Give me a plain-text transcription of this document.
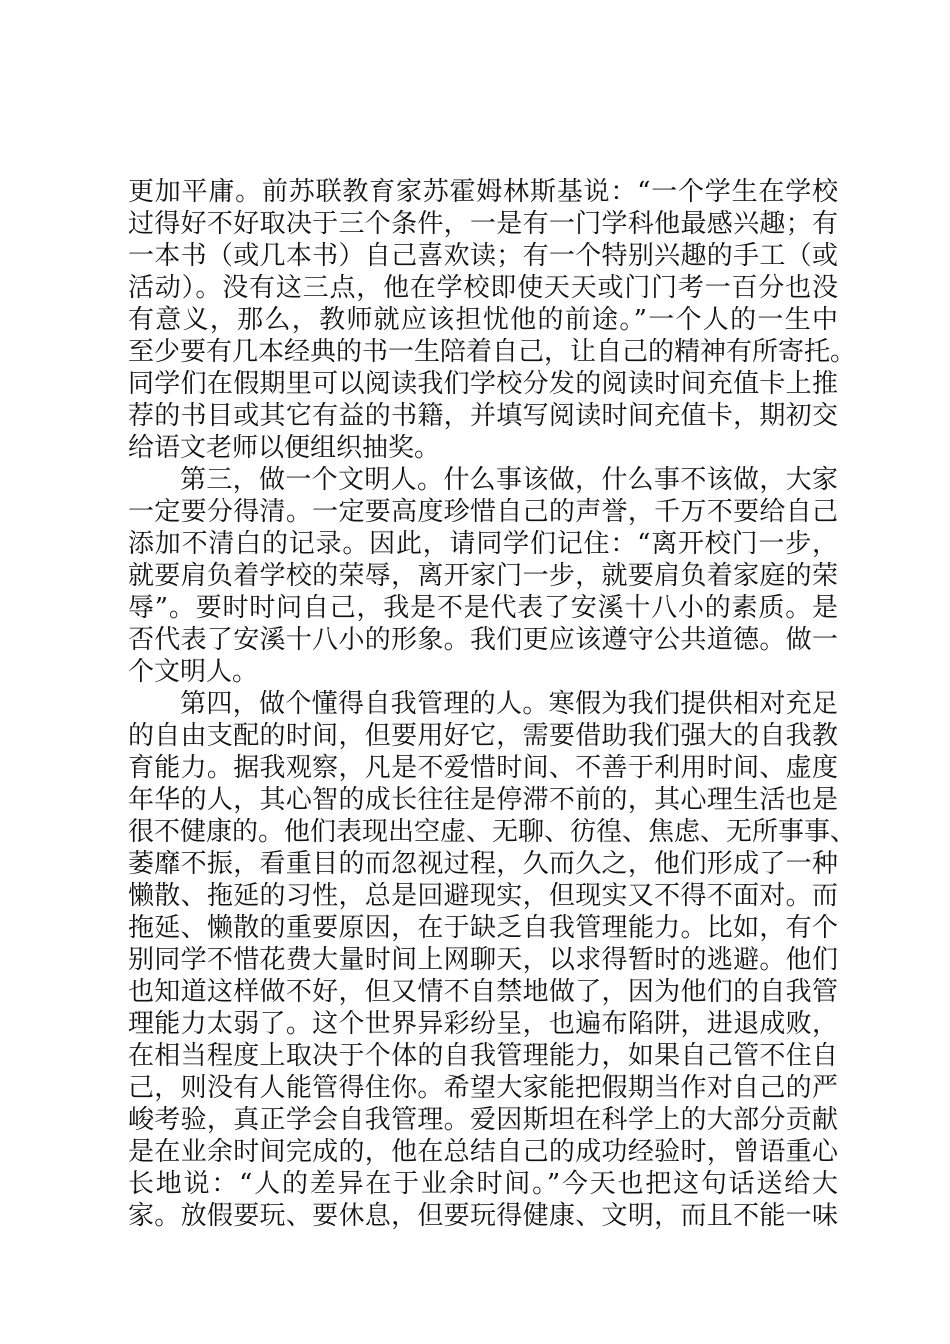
更加平庸。前苏联教育家苏霍姆林斯基说：“一个学生在学校
过得好不好取决于三个条件，一是有一门学科他最感兴趣；有
一本书（或几本书）自己喜欢读；有一个特别兴趣的手工（或
活动）。没有这三点，他在学校即使天天或门门考一百分也没
有意义，那么，教师就应该担忧他的前途。”一个人的一生中
至少要有几本经典的书一生陪着自己，让自己的精神有所寄托。
同学们在假期里可以阅读我们学校分发的阅读时间充值卡上推
荐的书目或其它有益的书籍，并填写阅读时间充值卡，期初交
给语文老师以便组织抽奖。
第三，做一个文明人。什么事该做，什么事不该做，大家
一定要分得清。一定要高度珍惜自己的声誉，千万不要给自己
添加不清白的记录。因此，请同学们记住：“离开校门一步，
就要肩负着学校的荣辱，离开家门一步，就要肩负着家庭的荣
辱”。要时时问自己，我是不是代表了安溪十八小的素质。是
否代表了安溪十八小的形象。我们更应该遵守公共道德。做一
个文明人。
第四，做个懂得自我管理的人。寒假为我们提供相对充足
的自由支配的时间，但要用好它，需要借助我们强大的自我教
育能力。据我观察，凡是不爱惜时间、不善于利用时间、虚度
年华的人，其心智的成长往往是停滞不前的，其心理生活也是
很不健康的。他们表现出空虚、无聊、彷徨、焦虑、无所事事、
萎靡不振，看重目的而忽视过程，久而久之，他们形成了一种
懒散、拖延的习性，总是回避现实，但现实又不得不面对。而
拖延、懒散的重要原因，在于缺乏自我管理能力。比如，有个
别同学不惜花费大量时间上网聊天，以求得暂时的逃避。他们
也知道这样做不好，但又情不自禁地做了，因为他们的自我管
理能力太弱了。这个世界异彩纷呈，也遍布陷阱，进退成败，
在相当程度上取决于个体的自我管理能力，如果自己管不住自
己，则没有人能管得住你。希望大家能把假期当作对自己的严
峻考验，真正学会自我管理。爱因斯坦在科学上的大部分贡献
是在业余时间完成的，他在总结自己的成功经验时，曾语重心
长地说：“人的差异在于业余时间。”今天也把这句话送给大
家。放假要玩、要休息，但要玩得健康、文明，而且不能一味
